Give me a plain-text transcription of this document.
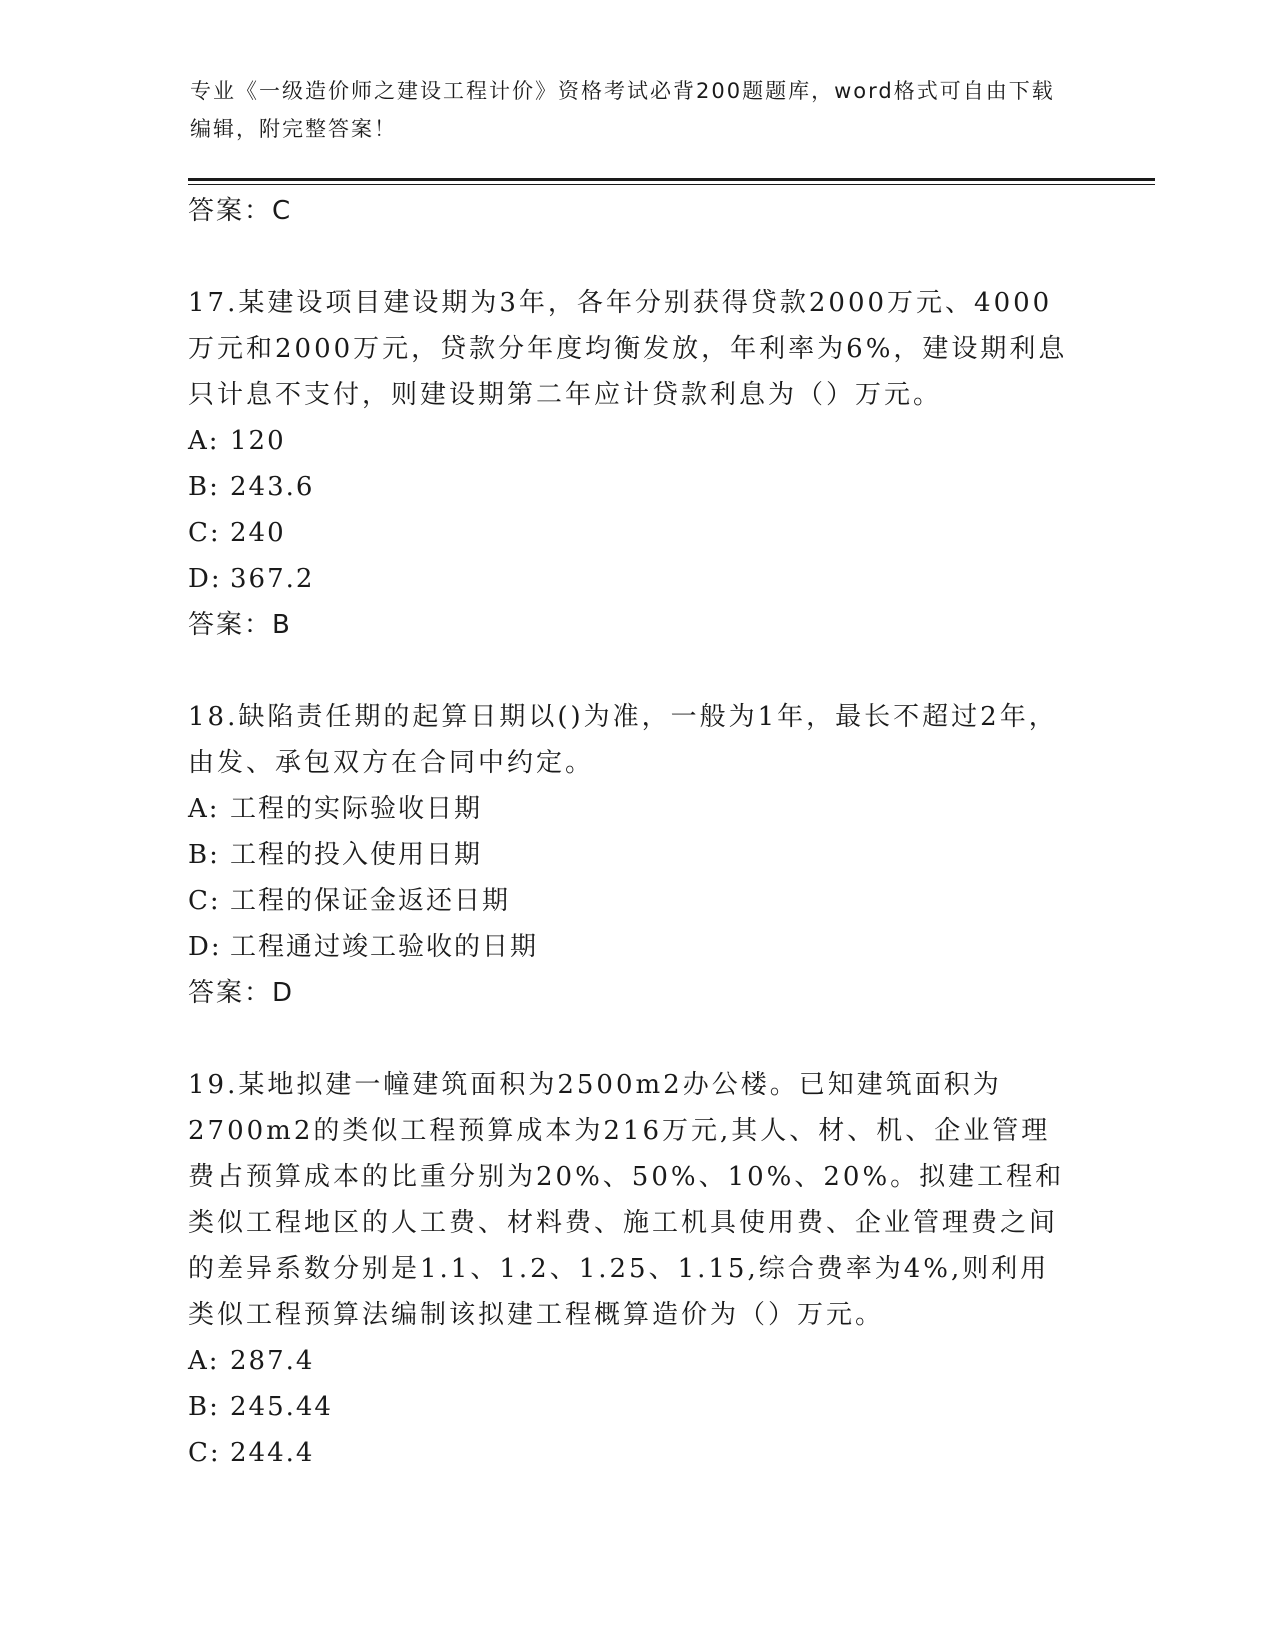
专业《一级造价师之建设工程计价》资格考试必背200题题库，word格式可自由下载编辑，附完整答案！

答案：C

17.某建设项目建设期为3年，各年分别获得贷款2000万元、4000万元和2000万元，贷款分年度均衡发放，年利率为6%，建设期利息只计息不支付，则建设期第二年应计贷款利息为（）万元。

A: 120

B: 243.6

C: 240

D: 367.2

答案：B

18.缺陷责任期的起算日期以()为准，一般为1年，最长不超过2年，由发、承包双方在合同中约定。

A: 工程的实际验收日期

B: 工程的投入使用日期

C: 工程的保证金返还日期

D: 工程通过竣工验收的日期

答案：D

19.某地拟建一幢建筑面积为2500m2办公楼。已知建筑面积为2700m2的类似工程预算成本为216万元,其人、材、机、企业管理费占预算成本的比重分别为20%、50%、10%、20%。拟建工程和类似工程地区的人工费、材料费、施工机具使用费、企业管理费之间的差异系数分别是1.1、1.2、1.25、1.15,综合费率为4%,则利用类似工程预算法编制该拟建工程概算造价为（）万元。

A: 287.4

B: 245.44

C: 244.4
